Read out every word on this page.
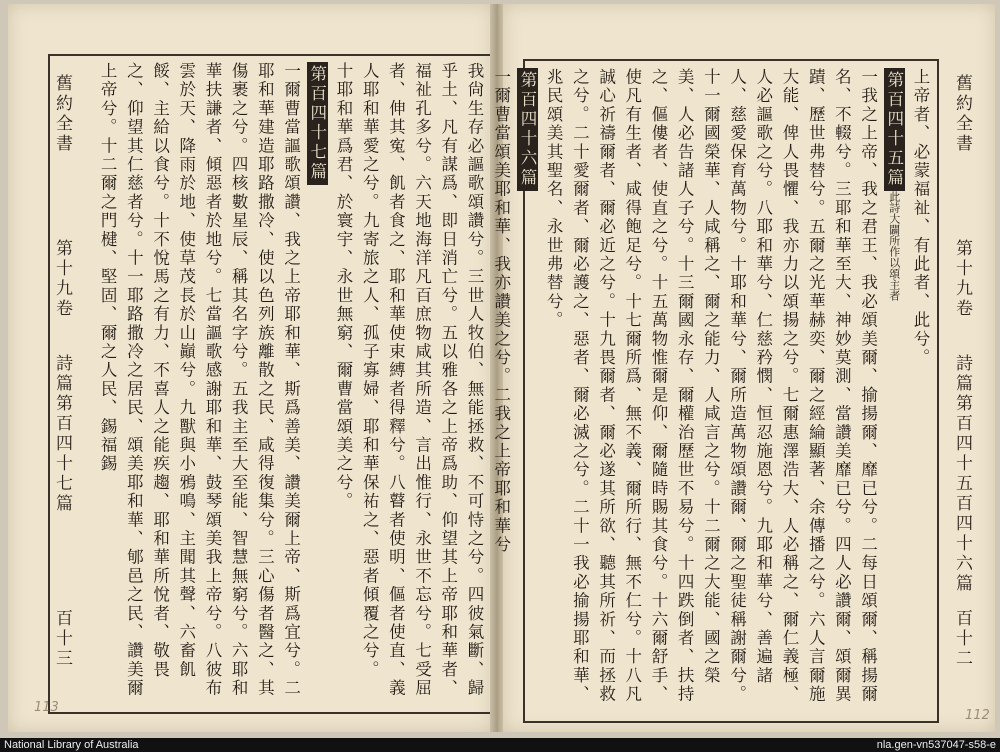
舊約全書
第十九卷
詩篇第百四十七篇
百十三	我尙生存必謳歌頌讚兮。三世人牧伯、無能拯救、不可恃之兮。四彼氣斷、歸乎土、凡有謀爲、即日消亡兮。五以雅各之上帝爲助、仰望其上帝耶和華者、福祉孔多兮。六天地海洋凡百庶物咸其所造、言出惟行、永世不忘兮。七受屈者、伸其寃、飢者食之、耶和華使束縛者得釋兮。八瞽者使明、傴者使直、義人耶和華愛之兮。九寄旅之人、孤子寡婦、耶和華保祐之、惡者傾覆之兮。

十耶和華爲君、於寰宇、永世無窮、爾曹當頌美之兮。

第百四十七篇

一爾曹當謳歌頌讚、我之上帝耶和華、斯爲善美、讚美爾上帝、斯爲宜兮。二耶和華建造耶路撒冷、使以色列族離散之民、咸得復集兮。三心傷者醫之、其傷裹之兮。四核數星辰、稱其名字兮。五我主至大至能、智慧無窮兮。六耶和華扶謙者、傾惡者於地兮。七當謳歌感謝耶和華、鼓琴頌美我上帝兮。八彼布雲於天、降雨於地、使草茂長於山巓兮。九獸與小鴉鳴、主聞其聲、六畜飢餒、主給以食兮。十不悅馬之有力、不喜人之能疾趨、耶和華所悅者、敬畏之、仰望其仁慈者兮。十一耶路撒冷之居民、頌美耶和華、郇邑之民、讚美爾上帝兮。十二爾之門楗、堅固、爾之人民、錫福錫	舊約全書
第十九卷
詩篇第百四十五百四十六篇
百十二

上帝者、必蒙福祉、有此者、此兮。

第百四十五篇此詩大闢所作以頌主者

一我之上帝、我之君王、我必頌美爾、揄揚爾、靡已兮。二每日頌爾、稱揚爾名、不輟兮。三耶和華至大、神妙莫測、當讚美靡已兮。四人必讚爾、頌爾異蹟、歷世弗替兮。五爾之光華赫奕、爾之經綸顯著、余傳播之兮。六人言爾施大能、俾人畏懼、我亦力以頌揚之兮。七爾惠澤浩大、人必稱之、爾仁義極、人必謳歌之兮。八耶和華兮、仁慈矜憫、恒忍施恩兮。九耶和華兮、善遍諸人、慈愛保育萬物兮。十耶和華兮、爾所造萬物頌讚爾、爾之聖徒稱謝爾兮。十一爾國榮華、人咸稱之、爾之能力、人咸言之兮。十二爾之大能、國之榮美、人必告諸人子兮。十三爾國永存、爾權治歷世不易兮。十四跌倒者、扶持之、傴僂者、使直之兮。十五萬物惟爾是仰、爾隨時賜其食兮。十六爾舒手、使凡有生者、咸得飽足兮。十七爾所爲、無不義、爾所行、無不仁兮。十八凡誠心祈禱爾者、爾必近之兮。十九畏爾者、爾必遂其所欲、聽其所祈、而拯救之兮。二十愛爾者、爾必護之、惡者、爾必滅之兮。二十一我必揄揚耶和華、兆民頌美其聖名、永世弗替兮。

第百四十六篇

一爾曹當頌美耶和華、我亦讚美之兮。二我之上帝耶和華兮

113
112
National Library of Australia	nla.gen-vn537047-s58-e
